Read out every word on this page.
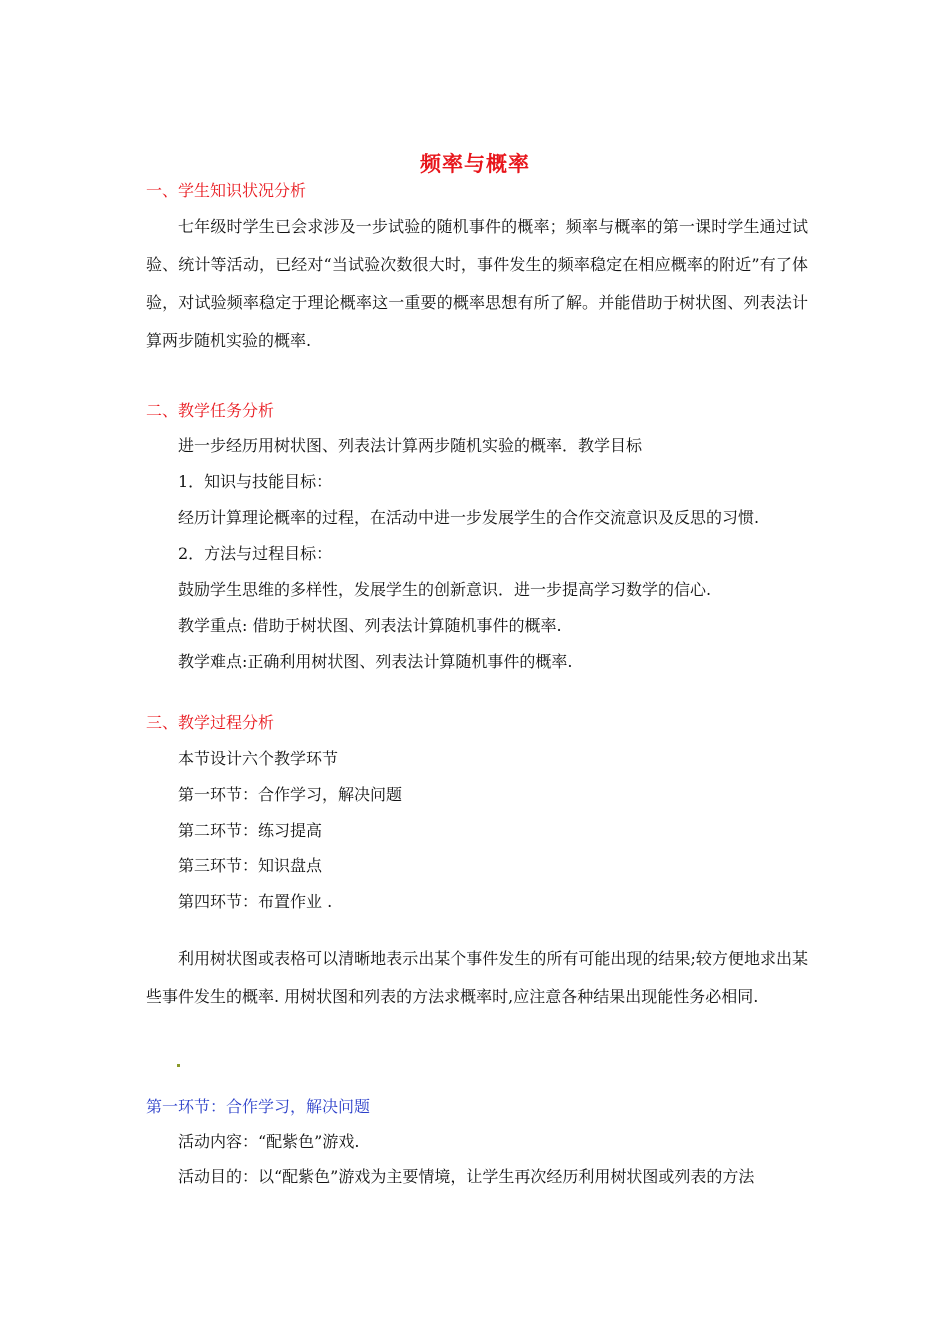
频率与概率
一、学生知识状况分析
七年级时学生已会求涉及一步试验的随机事件的概率；频率与概率的第一课时学生通过试验、统计等活动，已经对“当试验次数很大时，事件发生的频率稳定在相应概率的附近”有了体验，对试验频率稳定于理论概率这一重要的概率思想有所了解。并能借助于树状图、列表法计算两步随机实验的概率.
二、教学任务分析
进一步经历用树状图、列表法计算两步随机实验的概率．教学目标
1．知识与技能目标：
经历计算理论概率的过程，在活动中进一步发展学生的合作交流意识及反思的习惯.
2．方法与过程目标：
鼓励学生思维的多样性，发展学生的创新意识．进一步提高学习数学的信心.
教学重点: 借助于树状图、列表法计算随机事件的概率.
教学难点:正确利用树状图、列表法计算随机事件的概率.
三、教学过程分析
本节设计六个教学环节
第一环节：合作学习，解决问题
第二环节：练习提高
第三环节：知识盘点
第四环节：布置作业 .
利用树状图或表格可以清晰地表示出某个事件发生的所有可能出现的结果;较方便地求出某些事件发生的概率. 用树状图和列表的方法求概率时,应注意各种结果出现能性务必相同.
第一环节：合作学习，解决问题
活动内容：“配紫色”游戏.
活动目的：以“配紫色”游戏为主要情境，让学生再次经历利用树状图或列表的方法
